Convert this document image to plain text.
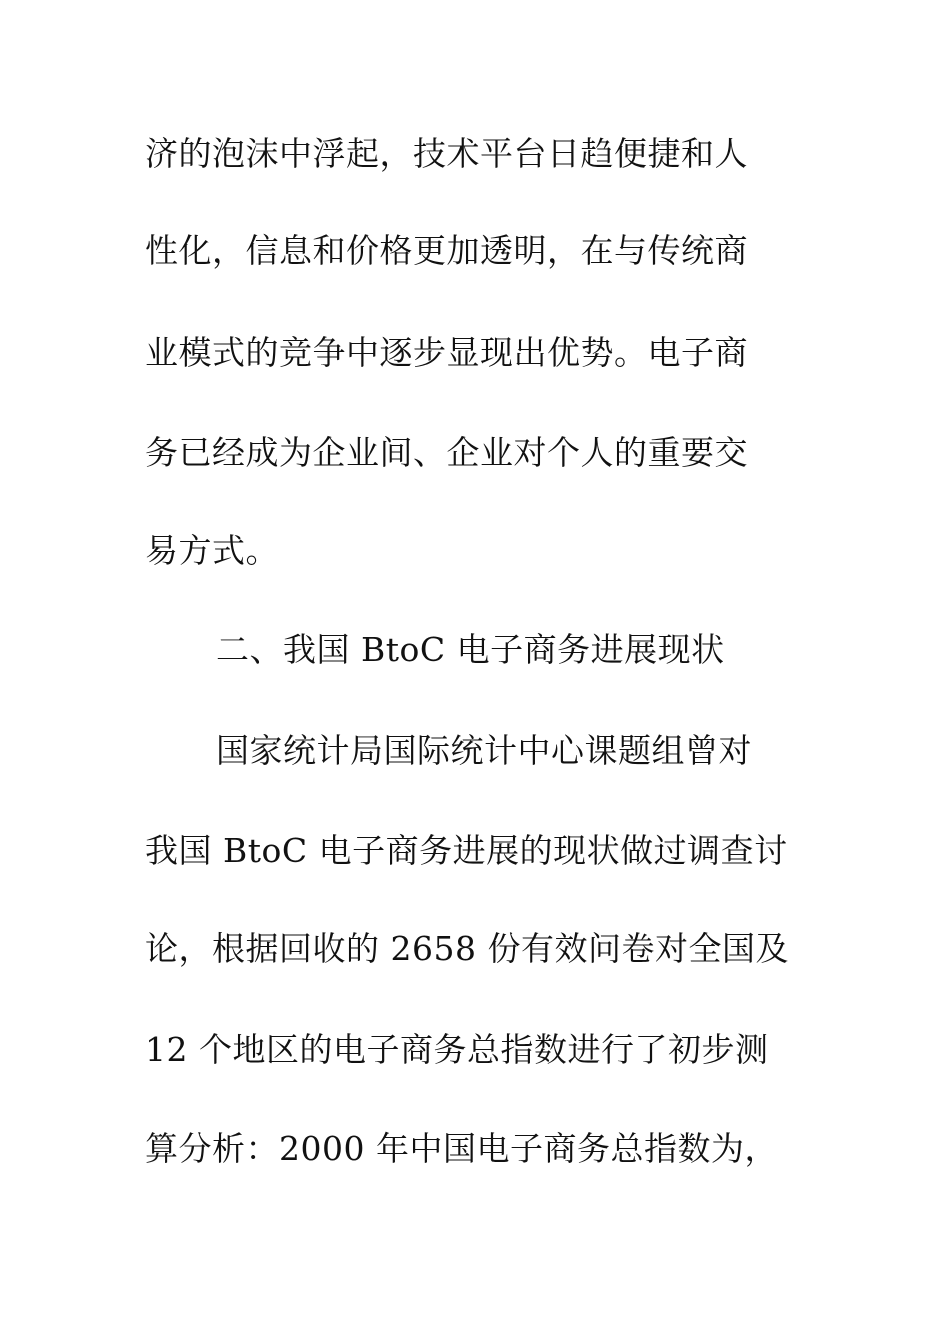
济的泡沫中浮起，技术平台日趋便捷和人
性化，信息和价格更加透明，在与传统商
业模式的竞争中逐步显现出优势。电子商
务已经成为企业间、企业对个人的重要交
易方式。
二、我国 BtoC 电子商务进展现状
国家统计局国际统计中心课题组曾对
我国 BtoC 电子商务进展的现状做过调查讨
论，根据回收的 2658 份有效问卷对全国及
12 个地区的电子商务总指数进行了初步测
算分析：2000 年中国电子商务总指数为，
